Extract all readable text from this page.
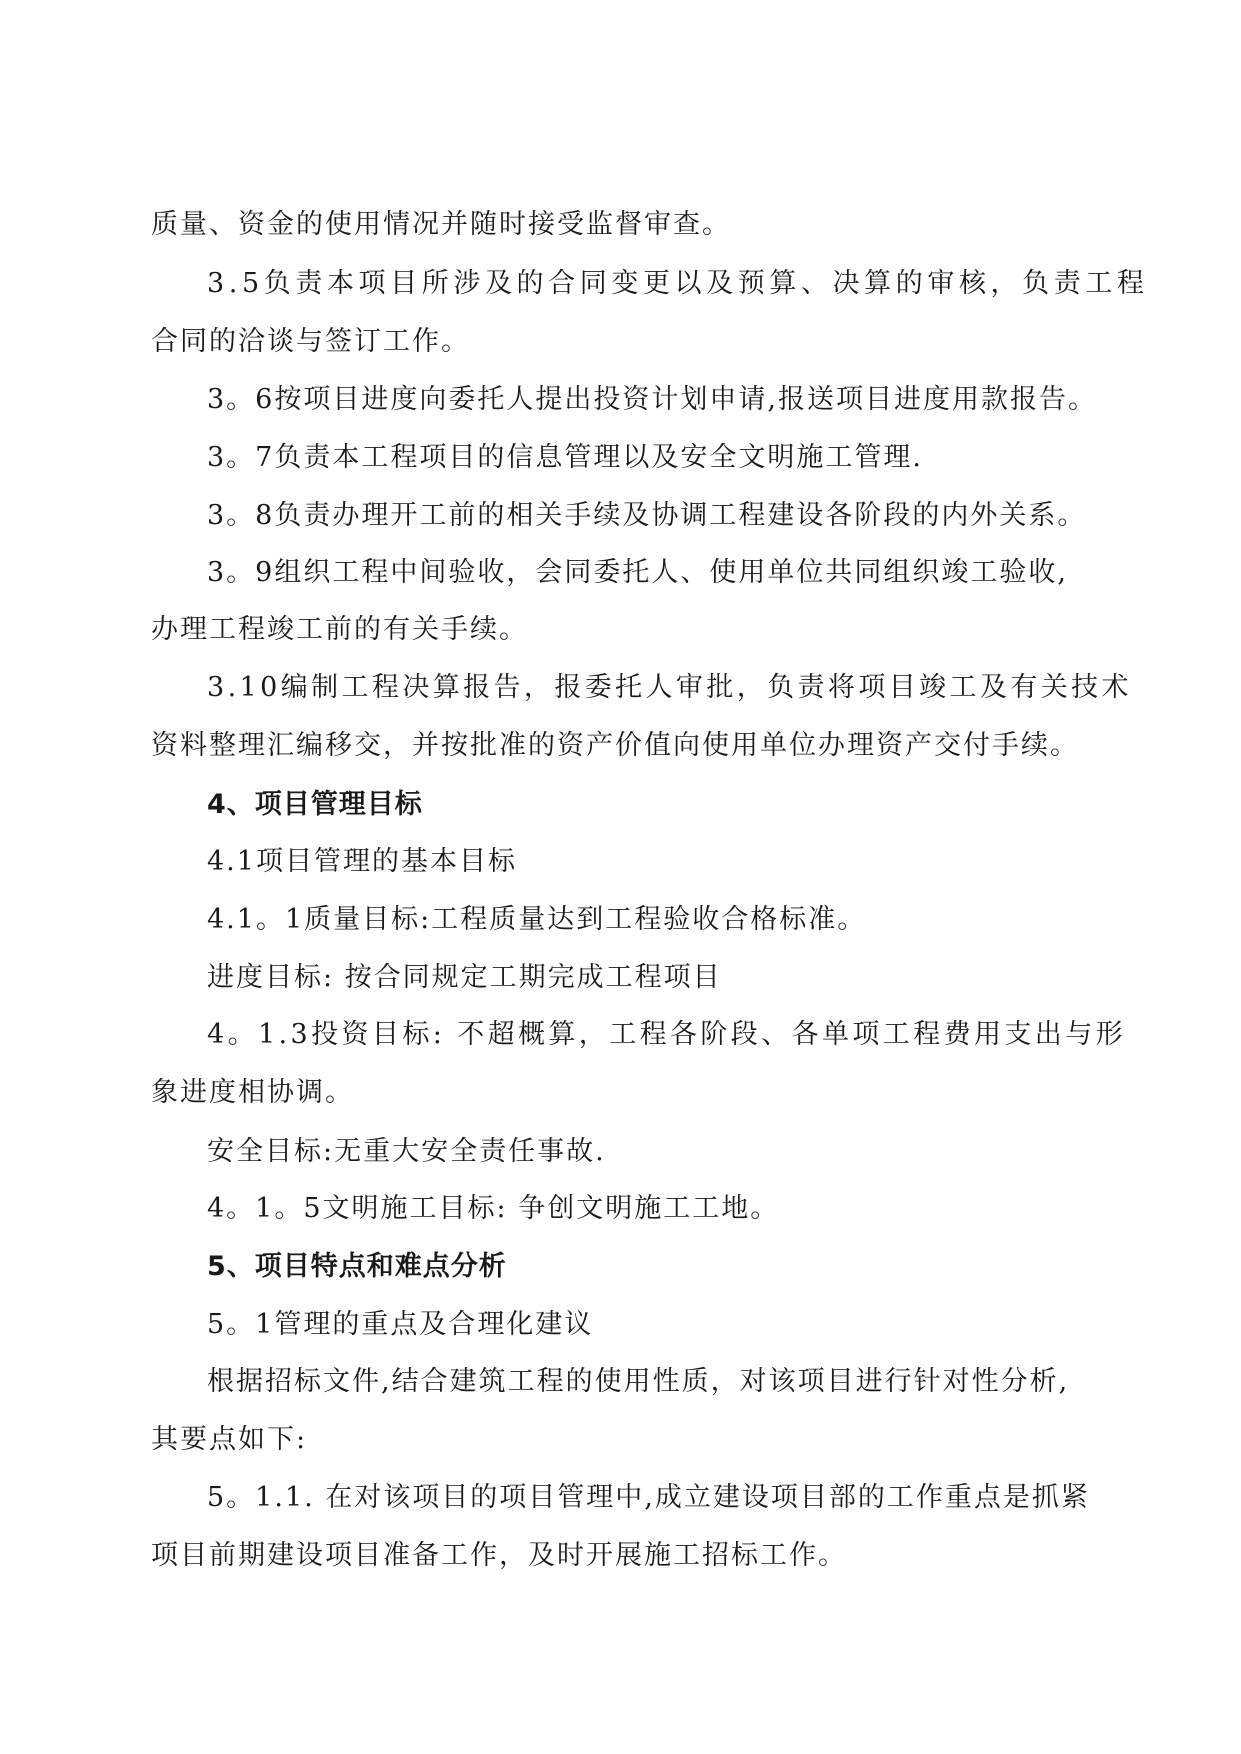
质量、资金的使用情况并随时接受监督审查。
3.5负责本项目所涉及的合同变更以及预算、决算的审核，负责工程
合同的洽谈与签订工作。
3。6按项目进度向委托人提出投资计划申请,报送项目进度用款报告。
3。7负责本工程项目的信息管理以及安全文明施工管理.
3。8负责办理开工前的相关手续及协调工程建设各阶段的内外关系。
3。9组织工程中间验收，会同委托人、使用单位共同组织竣工验收,
办理工程竣工前的有关手续。
3.10编制工程决算报告，报委托人审批，负责将项目竣工及有关技术
资料整理汇编移交，并按批准的资产价值向使用单位办理资产交付手续。
4、项目管理目标
4.1项目管理的基本目标
4.1。1质量目标:工程质量达到工程验收合格标准。
进度目标: 按合同规定工期完成工程项目
4。1.3投资目标: 不超概算，工程各阶段、各单项工程费用支出与形
象进度相协调。
安全目标:无重大安全责任事故.
4。1。5文明施工目标: 争创文明施工工地。
5、项目特点和难点分析
5。1管理的重点及合理化建议
根据招标文件,结合建筑工程的使用性质，对该项目进行针对性分析,
其要点如下:
5。1.1. 在对该项目的项目管理中,成立建设项目部的工作重点是抓紧
项目前期建设项目准备工作，及时开展施工招标工作。
